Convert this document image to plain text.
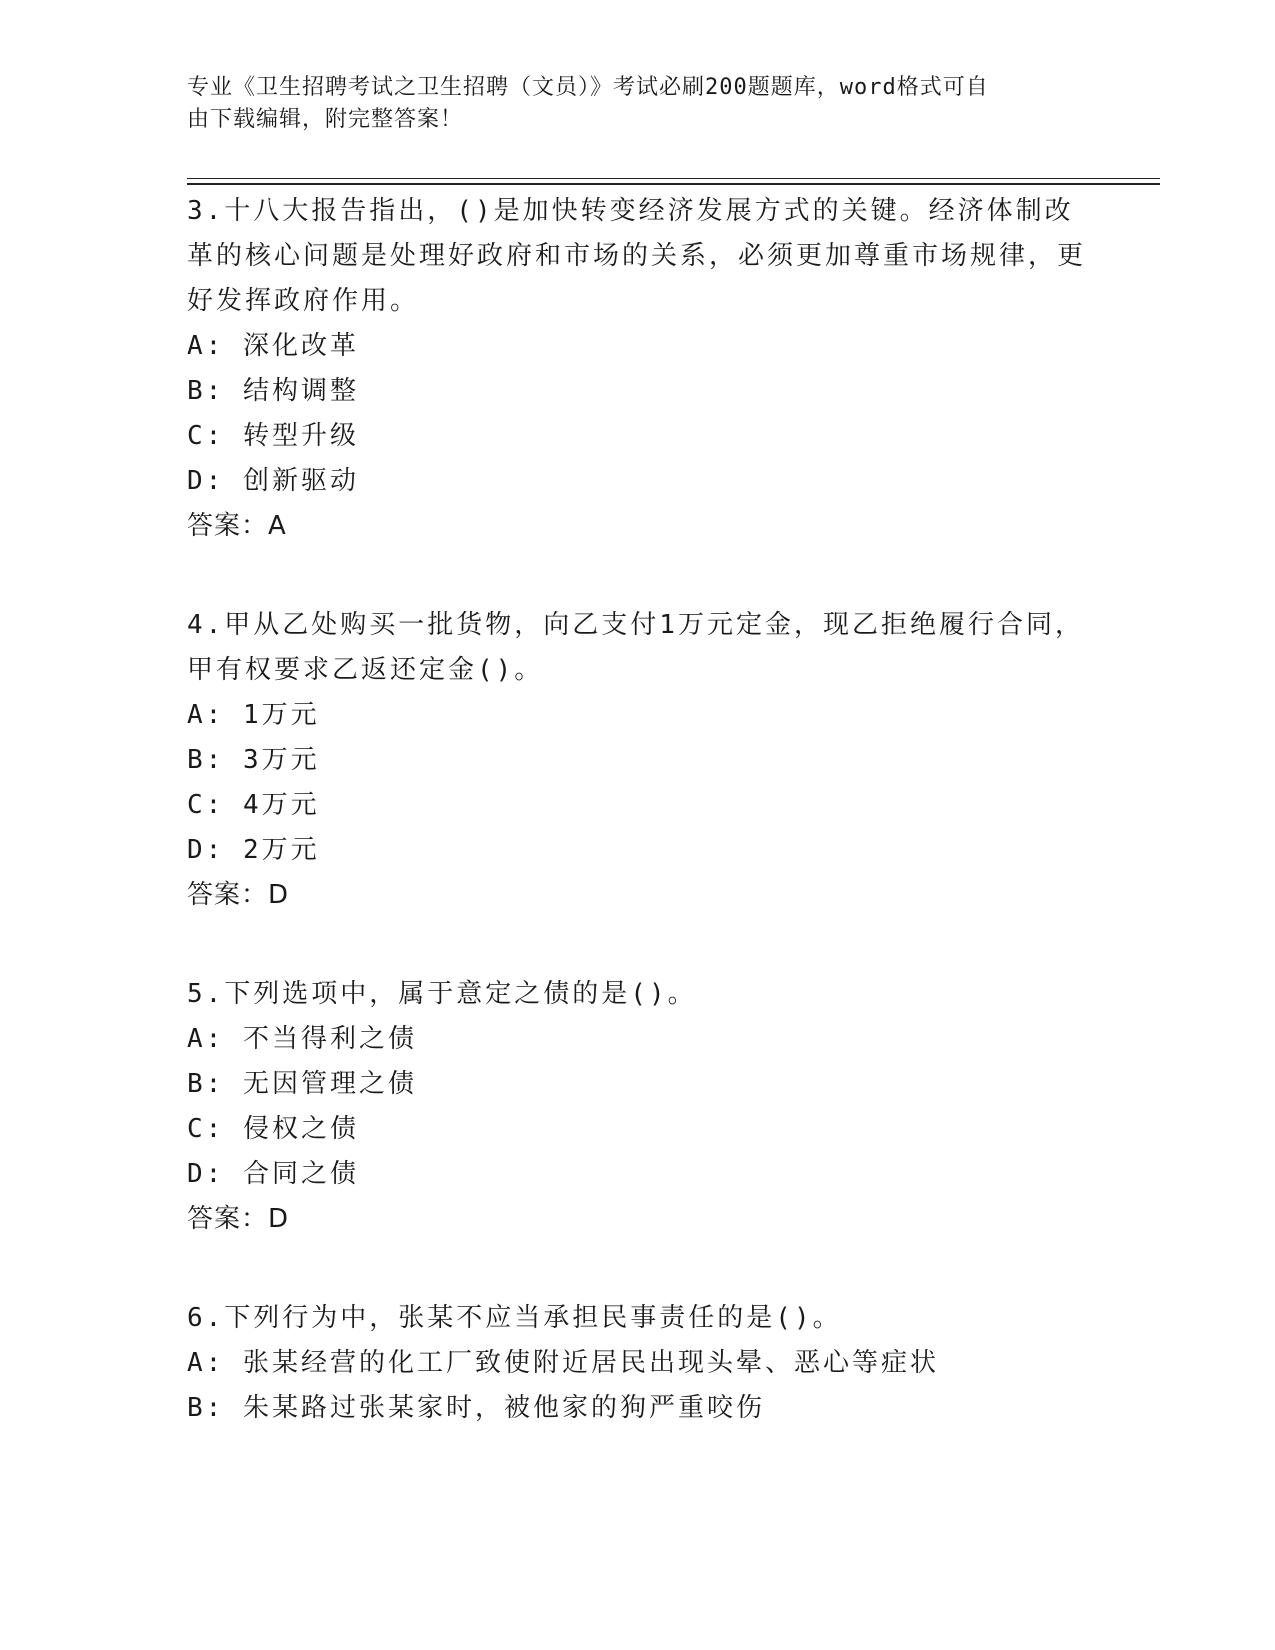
专业《卫生招聘考试之卫生招聘（文员）》考试必刷200题题库，word格式可自
由下载编辑，附完整答案！

3.十八大报告指出，()是加快转变经济发展方式的关键。经济体制改革的核心问题是处理好政府和市场的关系，必须更加尊重市场规律，更好发挥政府作用。

A: 深化改革
B: 结构调整
C: 转型升级
D: 创新驱动
答案：A

4.甲从乙处购买一批货物，向乙支付1万元定金，现乙拒绝履行合同，甲有权要求乙返还定金()。

A: 1万元
B: 3万元
C: 4万元
D: 2万元
答案：D

5.下列选项中，属于意定之债的是()。

A: 不当得利之债
B: 无因管理之债
C: 侵权之债
D: 合同之债
答案：D

6.下列行为中，张某不应当承担民事责任的是()。

A: 张某经营的化工厂致使附近居民出现头晕、恶心等症状
B: 朱某路过张某家时，被他家的狗严重咬伤
